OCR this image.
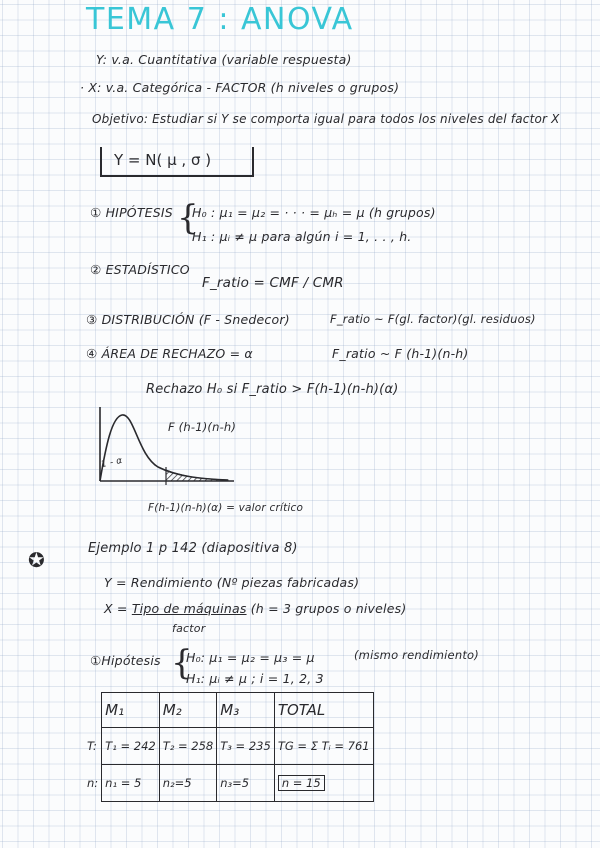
TEMA 7 : ANOVA
Y: v.a. Cuantitativa (variable respuesta)
· X: v.a. Categórica - FACTOR (h niveles o grupos)
Objetivo: Estudiar si Y se comporta igual para todos los niveles del factor X
Y = N( μ , σ )
① HIPÓTESIS {
H₀ : μ₁ = μ₂ = · · · = μₕ = μ (h grupos)
H₁ : μᵢ ≠ μ para algún i = 1, . . , h.
② ESTADÍSTICO
F_ratio = CMF / CMR
③ DISTRIBUCIÓN (F - Snedecor)	F_ratio ~ F(gl. factor)(gl. residuos)
④ ÁREA DE RECHAZO = α	F_ratio ~ F (h-1)(n-h)
Rechazo H₀ si F_ratio > F(h-1)(n-h)(α)
F (h-1)(n-h)
1 - α
F(h-1)(n-h)(α) = valor crítico
✪	Ejemplo 1 p 142 (diapositiva 8)
Y = Rendimiento (Nº piezas fabricadas)
X = Tipo de máquinas (h = 3 grupos o niveles)
factor
①Hipótesis {
H₀: μ₁ = μ₂ = μ₃ = μ	(mismo rendimiento)
H₁: μᵢ ≠ μ ; i = 1, 2, 3
	M₁	M₂	M₃	TOTAL
T:	T₁ = 242	T₂ = 258	T₃ = 235	TG = Σ Tᵢ = 761
n:	n₁ = 5	n₂=5	n₃=5	n = 15
